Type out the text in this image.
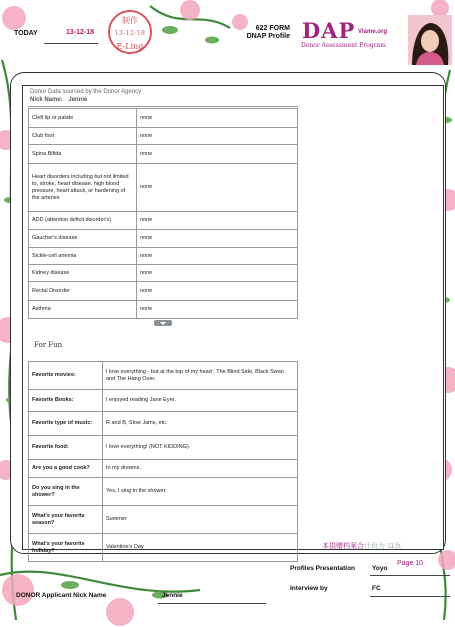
TODAY	13-12-18
制作
13-12-18
E-Ling
622 FORM
DNAP Profile DAP Vlame.org
Donor Assessment Program
Donor Data sourced by the Donor Agency
Nick Name: Jennie
Cleft lip or palate	none
Club foot	none
Spina Bifida	none
Heart disorders including but not limited to, stroke, heart disease, high blood pressure, heart attack, or hardening of the arteries	none
ADD (attention deficit disorder's)	none
Gaucher's disease	none
Sickle-cell anemia	none
Kidney disease	none
Rectal Disorder	none
Asthma	none
For Fun
Favorite movies:	I love everything - but at the top of my head : The Blind Side, Black Swan and The Hang Over.
Favorite Books:	I enjoyed reading Jane Eyre.
Favorite type of music:	R and B, Slow Jams, etc.
Favorite food:	I love everything! (NOT KIDDING).
Are you a good cook?	In my dreams.
Do you sing in the shower?	Yes, I sing in the shower.
What's your favorite season?	Summer
What's your favorite holiday?	Valentine's Day	本捐赠档案合计页为 11页
Profiles Presentation	Yoyo
Page 10
Interview by	FC
DONOR Applicant Nick Name	Jennie
